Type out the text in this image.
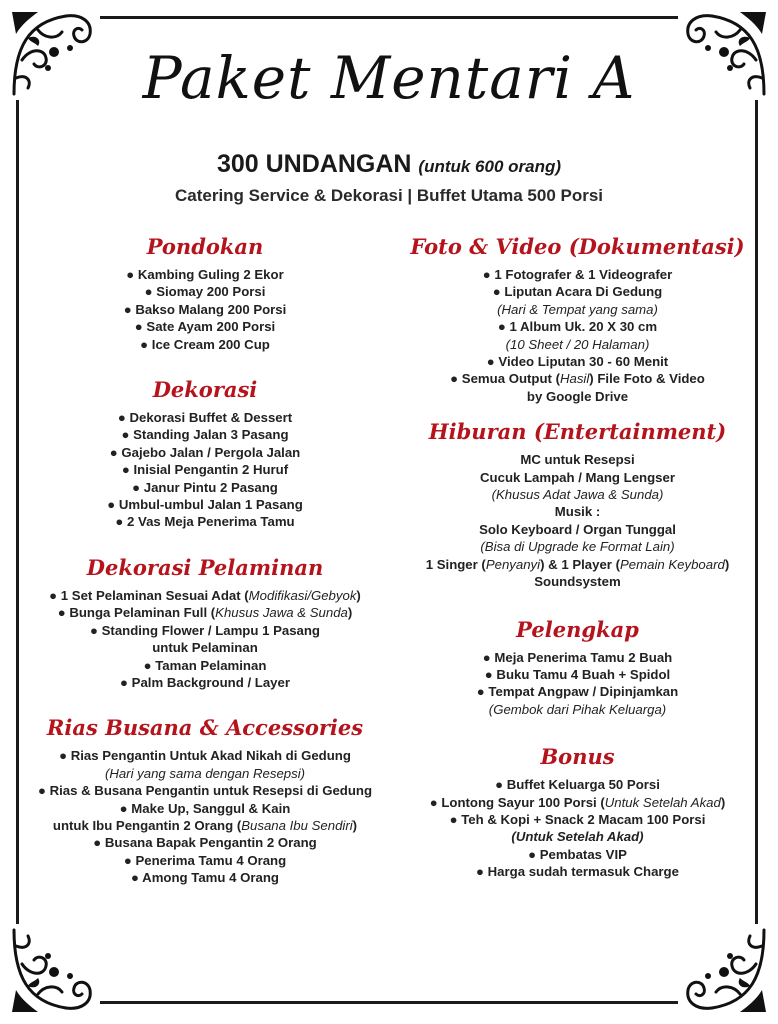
Paket Mentari A

300 UNDANGAN (untuk 600 orang)

Catering Service & Dekorasi | Buffet Utama 500 Porsi

Pondokan
● Kambing Guling 2 Ekor
● Siomay 200 Porsi
● Bakso Malang 200 Porsi
● Sate Ayam 200 Porsi
● Ice Cream 200 Cup
Dekorasi
● Dekorasi Buffet & Dessert
● Standing Jalan 3 Pasang
● Gajebo Jalan / Pergola Jalan
● Inisial Pengantin 2 Huruf
● Janur Pintu 2 Pasang
● Umbul-umbul Jalan 1 Pasang
● 2 Vas Meja Penerima Tamu
Dekorasi Pelaminan
● 1 Set Pelaminan Sesuai Adat (Modifikasi/Gebyok)
● Bunga Pelaminan Full (Khusus Jawa & Sunda)
● Standing Flower / Lampu 1 Pasang
untuk Pelaminan
● Taman Pelaminan
● Palm Background / Layer
Rias Busana & Accessories
● Rias Pengantin Untuk Akad Nikah di Gedung
(Hari yang sama dengan Resepsi)
● Rias & Busana Pengantin untuk Resepsi di Gedung
● Make Up, Sanggul & Kain
untuk Ibu Pengantin 2 Orang (Busana Ibu Sendiri)
● Busana Bapak Pengantin 2 Orang
● Penerima Tamu 4 Orang
● Among Tamu 4 Orang
Foto & Video (Dokumentasi)
● 1 Fotografer & 1 Videografer
● Liputan Acara Di Gedung
(Hari & Tempat yang sama)
● 1 Album Uk. 20 X 30 cm
(10 Sheet / 20 Halaman)
● Video Liputan 30 - 60 Menit
● Semua Output (Hasil) File Foto & Video
by Google Drive
Hiburan (Entertainment)
MC untuk Resepsi
Cucuk Lampah / Mang Lengser
(Khusus Adat Jawa & Sunda)
Musik :
Solo Keyboard / Organ Tunggal
(Bisa di Upgrade ke Format Lain)
1 Singer (Penyanyi) & 1 Player (Pemain Keyboard)
Soundsystem
Pelengkap
● Meja Penerima Tamu 2 Buah
● Buku Tamu 4 Buah + Spidol
● Tempat Angpaw / Dipinjamkan
(Gembok dari Pihak Keluarga)
Bonus
● Buffet Keluarga 50 Porsi
● Lontong Sayur 100 Porsi (Untuk Setelah Akad)
● Teh & Kopi + Snack 2 Macam 100 Porsi
(Untuk Setelah Akad)
● Pembatas VIP
● Harga sudah termasuk Charge
